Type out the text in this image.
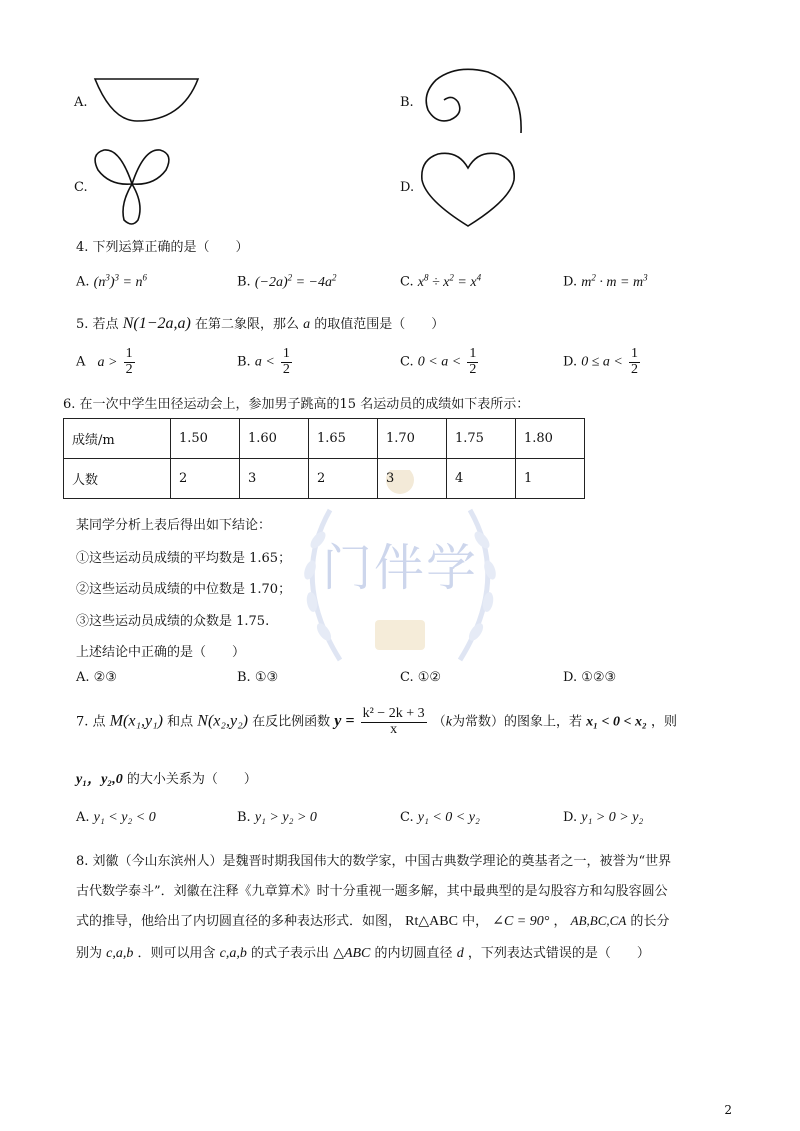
门伴学
A.	B.
C.	D.
4. 下列运算正确的是（　　）
A. $(n^3)^3 = n^6$	B. $(-2a)^2 = -4a^2$	C. $x^8 \div x^2 = x^4$	D. $m^2 \cdot m = m^3$
5. 若点 N(1−2a,a) 在第二象限，那么 a 的取值范围是（　　）
A $a > \frac{1}{2}$	B. $a < \frac{1}{2}$	C. $0 < a < \frac{1}{2}$	D. $0 \le a < \frac{1}{2}$
6. 在一次中学生田径运动会上，参加男子跳高的15 名运动员的成绩如下表所示：
成绩/m	1.50	1.60	1.65	1.70	1.75	1.80
人数	2	3	2	3	4	1
某同学分析上表后得出如下结论：
①这些运动员成绩的平均数是 1.65；
②这些运动员成绩的中位数是 1.70；
③这些运动员成绩的众数是 1.75.
上述结论中正确的是（　　）
A. ②③	B. ①③	C. ①②	D. ①②③
7. 点 M(x₁,y₁) 和点 N(x₂,y₂) 在反比例函数 $y = \frac{\text{k² − 2k + 3}}{x} (k$为常数）的图象上，若 x₁ < 0 < x₂ ，则
y₁，y₂,0 的大小关系为（　　）
A. y₁ < y₂ < 0	B. y₁ > y₂ > 0	C. y₁ < 0 < y₂	D. y₁ > 0 > y₂
8. 刘徽（今山东滨州人）是魏晋时期我国伟大的数学家，中国古典数学理论的奠基者之一，被誉为“世界
古代数学泰斗”．刘徽在注释《九章算术》时十分重视一题多解，其中最典型的是勾股容方和勾股容圆公
式的推导，他给出了内切圆直径的多种表达形式．如图， Rt△ABC 中， ∠C = 90° ， AB,BC,CA 的长分
别为 c,a,b ．则可以用含 c,a,b 的式子表示出 △ABC 的内切圆直径 d ，下列表达式错误的是（　　）
2
